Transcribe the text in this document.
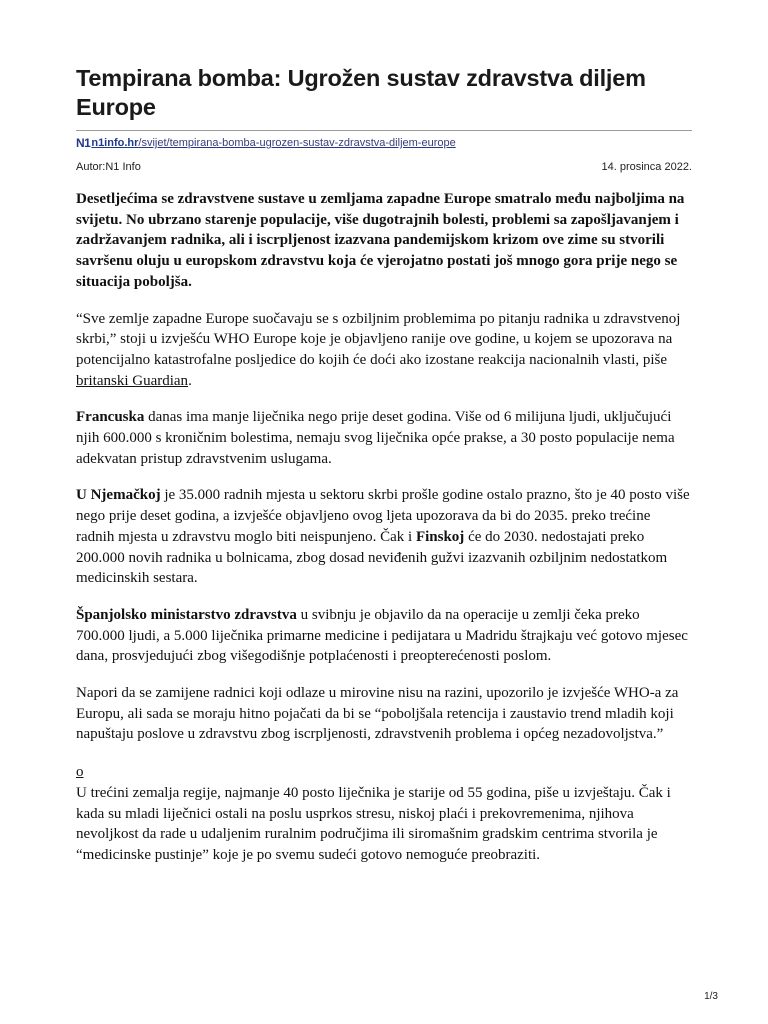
Tempirana bomba: Ugrožen sustav zdravstva diljem Europe
N1 n1info.hr/svijet/tempirana-bomba-ugrozen-sustav-zdravstva-diljem-europe
Autor:N1 Info	14. prosinca 2022.
Desetljećima se zdravstvene sustave u zemljama zapadne Europe smatralo među najboljima na svijetu. No ubrzano starenje populacije, više dugotrajnih bolesti, problemi sa zapošljavanjem i zadržavanjem radnika, ali i iscrpljenost izazvana pandemijskom krizom ove zime su stvorili savršenu oluju u europskom zdravstvu koja će vjerojatno postati još mnogo gora prije nego se situacija poboljša.
“Sve zemlje zapadne Europe suočavaju se s ozbiljnim problemima po pitanju radnika u zdravstvenoj skrbi,” stoji u izvješću WHO Europe koje je objavljeno ranije ove godine, u kojem se upozorava na potencijalno katastrofalne posljedice do kojih će doći ako izostane reakcija nacionalnih vlasti, piše britanski Guardian.
Francuska danas ima manje liječnika nego prije deset godina. Više od 6 milijuna ljudi, uključujući njih 600.000 s kroničnim bolestima, nemaju svog liječnika opće prakse, a 30 posto populacije nema adekvatan pristup zdravstvenim uslugama.
U Njemačkoj je 35.000 radnih mjesta u sektoru skrbi prošle godine ostalo prazno, što je 40 posto više nego prije deset godina, a izvješće objavljeno ovog ljeta upozorava da bi do 2035. preko trećine radnih mjesta u zdravstvu moglo biti neispunjeno. Čak i Finskoj će do 2030. nedostajati preko 200.000 novih radnika u bolnicama, zbog dosad neviđenih gužvi izazvanih ozbiljnim nedostatkom medicinskih sestara.
Španjolsko ministarstvo zdravstva u svibnju je objavilo da na operacije u zemlji čeka preko 700.000 ljudi, a 5.000 liječnika primarne medicine i pedijatara u Madridu štrajkaju već gotovo mjesec dana, prosvjedujući zbog višegodišnje potplaćenosti i preopterećenosti poslom.
Napori da se zamijene radnici koji odlaze u mirovine nisu na razini, upozorilo je izvješće WHO-a za Europu, ali sada se moraju hitno pojačati da bi se “poboljšala retencija i zaustavio trend mladih koji napuštaju poslove u zdravstvu zbog iscrpljenosti, zdravstvenih problema i općeg nezadovoljstva.”
o
U trećini zemalja regije, najmanje 40 posto liječnika je starije od 55 godina, piše u izvještaju. Čak i kada su mladi liječnici ostali na poslu usprkos stresu, niskoj plaći i prekovremenima, njihova nevoljkost da rade u udaljenim ruralnim područjima ili siromašnim gradskim centrima stvorila je “medicinske pustinje” koje je po svemu sudeći gotovo nemoguće preobraziti.
1/3
